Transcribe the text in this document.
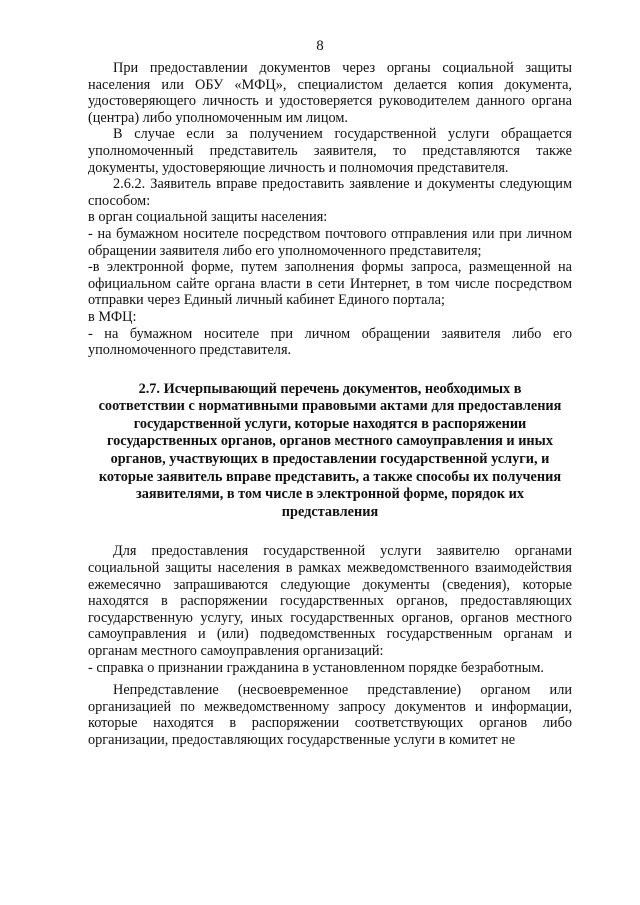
8

При предоставлении документов через органы социальной защиты населения или ОБУ «МФЦ», специалистом делается копия документа, удостоверяющего личность и удостоверяется руководителем данного органа (центра) либо уполномоченным им лицом.

В случае если за получением государственной услуги обращается уполномоченный представитель заявителя, то представляются также документы, удостоверяющие личность и полномочия представителя.

2.6.2. Заявитель вправе предоставить заявление и документы следующим способом:

в орган социальной защиты населения:

- на бумажном носителе посредством почтового отправления или при личном обращении заявителя либо его уполномоченного представителя;

-в электронной форме, путем заполнения формы запроса, размещенной на официальном сайте органа власти в сети Интернет, в том числе посредством отправки через Единый личный кабинет Единого портала;

в МФЦ:

- на бумажном носителе при личном обращении заявителя либо его уполномоченного представителя.

2.7. Исчерпывающий перечень документов, необходимых в соответствии с нормативными правовыми актами для предоставления государственной услуги, которые находятся в распоряжении государственных органов, органов местного самоуправления и иных органов, участвующих в предоставлении государственной услуги, и которые заявитель вправе представить, а также способы их получения заявителями, в том числе в электронной форме, порядок их представления

Для предоставления государственной услуги заявителю органами социальной защиты населения в рамках межведомственного взаимодействия ежемесячно запрашиваются следующие документы (сведения), которые находятся в распоряжении государственных органов, предоставляющих государственную услугу, иных государственных органов, органов местного самоуправления и (или) подведомственных государственным органам и органам местного самоуправления организаций:

- справка о признании гражданина в установленном порядке безработным.

Непредставление (несвоевременное представление) органом или организацией по межведомственному запросу документов и информации, которые находятся в распоряжении соответствующих органов либо организации, предоставляющих государственные услуги в комитет не
